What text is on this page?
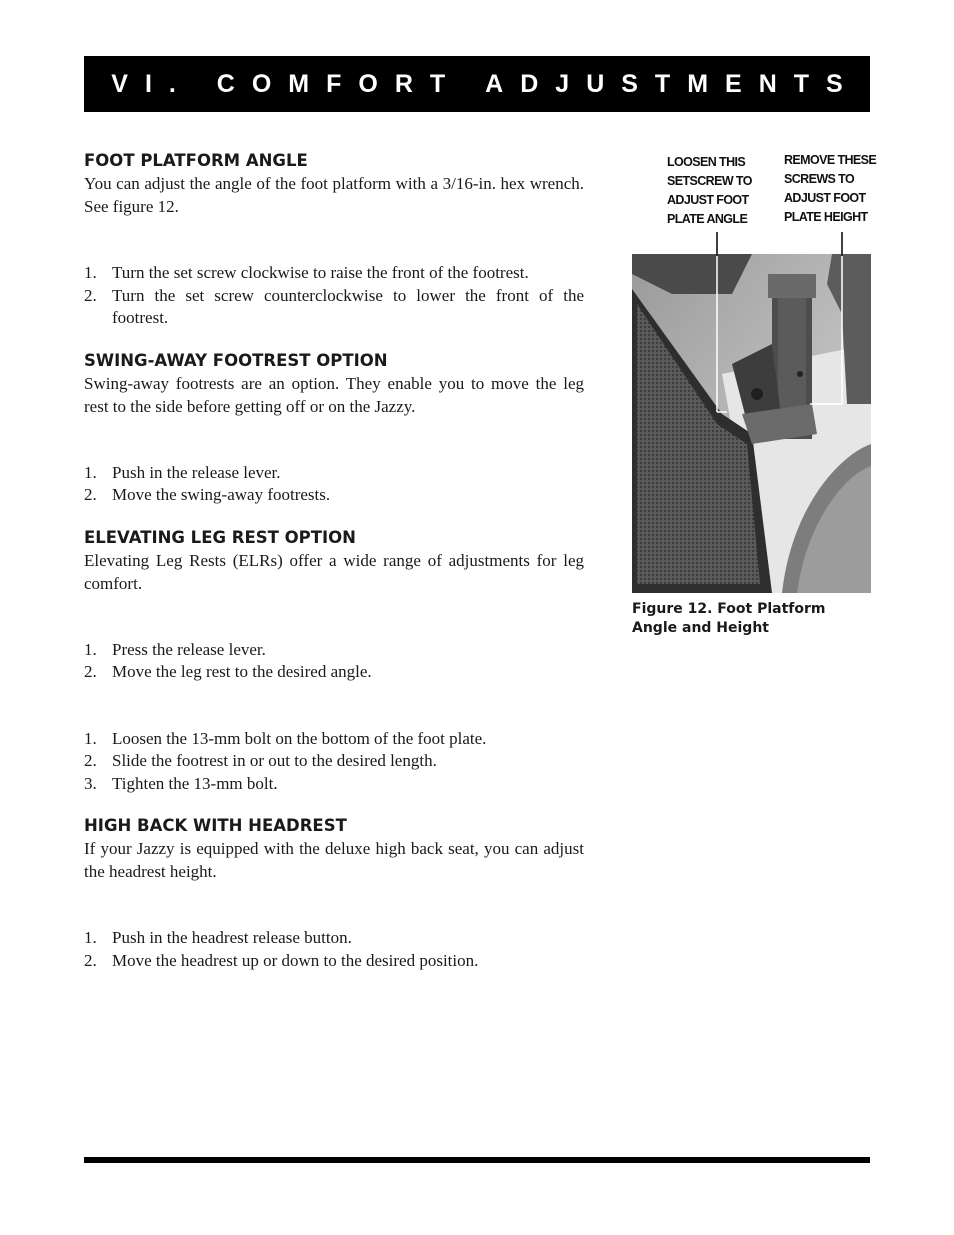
VI. COMFORT ADJUSTMENTS
FOOT PLATFORM ANGLE

You can adjust the angle of the foot platform with a 3/16-in. hex wrench. See figure 12.

1. Turn the set screw clockwise to raise the front of the footrest.
2. Turn the set screw counterclockwise to lower the front of the footrest.
SWING-AWAY FOOTREST OPTION

Swing-away footrests are an option. They enable you to move the leg rest to the side before getting off or on the Jazzy.

1. Push in the release lever.
2. Move the swing-away footrests.
ELEVATING LEG REST OPTION

Elevating Leg Rests (ELRs) offer a wide range of adjustments for leg comfort.

1. Press the release lever.
2. Move the leg rest to the desired angle.
1. Loosen the 13-mm bolt on the bottom of the foot plate.
2. Slide the footrest in or out to the desired length.
3. Tighten the 13-mm bolt.
HIGH BACK WITH HEADREST

If your Jazzy is equipped with the deluxe high back seat, you can adjust the headrest height.

1. Push in the headrest release button.
2. Move the headrest up or down to the desired position.
LOOSEN THIS
SETSCREW TO
ADJUST FOOT
PLATE ANGLE
REMOVE THESE
SCREWS TO
ADJUST FOOT
PLATE HEIGHT
Figure 12. Foot Platform
Angle and Height
